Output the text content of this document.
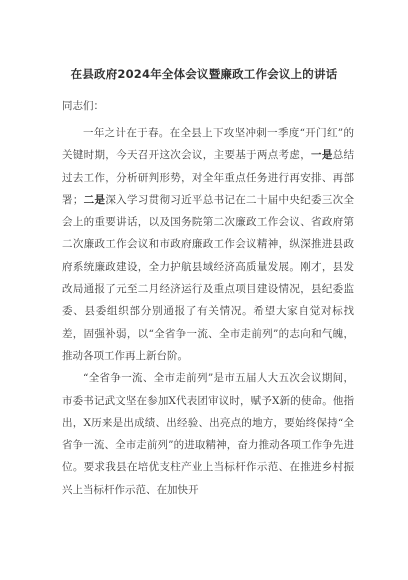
在县政府2024年全体会议暨廉政工作会议上的讲话

同志们：

一年之计在于春。在全县上下攻坚冲刺一季度“开门红”的关键时期，今天召开这次会议，主要基于两点考虑，一是总结过去工作，分析研判形势，对全年重点任务进行再安排、再部署；二是深入学习贯彻习近平总书记在二十届中央纪委三次全会上的重要讲话，以及国务院第二次廉政工作会议、省政府第二次廉政工作会议和市政府廉政工作会议精神，纵深推进县政府系统廉政建设，全力护航县域经济高质量发展。刚才，县发改局通报了元至二月经济运行及重点项目建设情况，县纪委监委、县委组织部分别通报了有关情况。希望大家自觉对标找差，固强补弱，以“全省争一流、全市走前列”的志向和气魄，推动各项工作再上新台阶。

“全省争一流、全市走前列”是市五届人大五次会议期间，市委书记武文坚在参加X代表团审议时，赋予X新的使命。他指出，X历来是出成绩、出经验、出亮点的地方，要始终保持“全省争一流、全市走前列”的进取精神，奋力推动各项工作争先进位。要求我县在培优支柱产业上当标杆作示范、在推进乡村振兴上当标杆作示范、在加快开
